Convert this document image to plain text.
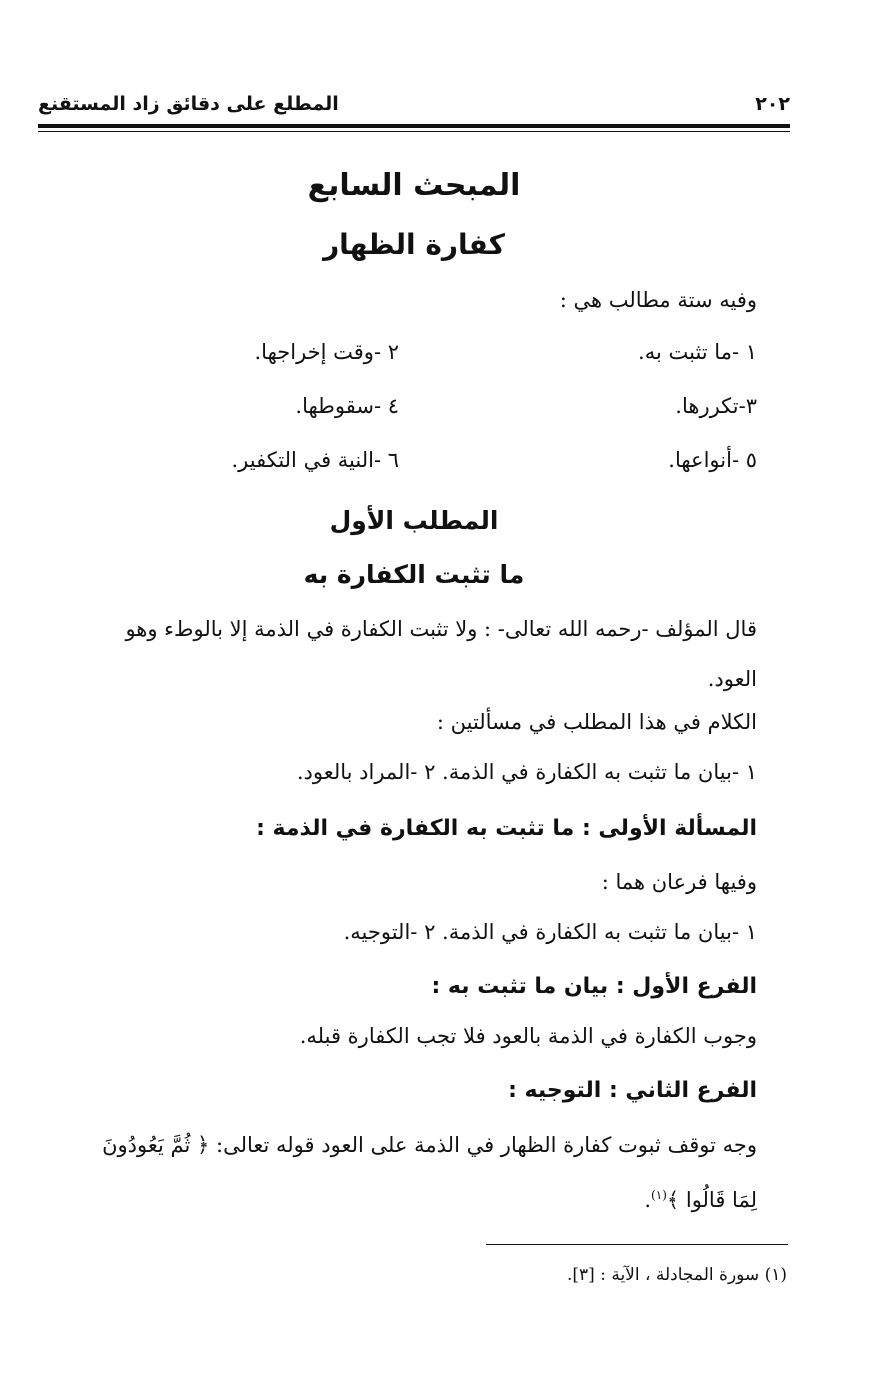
٢٠٢
المطلع على دقائق زاد المستقنع
المبحث السابع
كفارة الظهار
وفيه ستة مطالب هي :
١ -ما تثبت به.
٢ -وقت إخراجها.
٣-تكررها.
٤ -سقوطها.
٥ -أنواعها.
٦ -النية في التكفير.
المطلب الأول
ما تثبت الكفارة به
قال المؤلف -رحمه الله تعالى- : ولا تثبت الكفارة في الذمة إلا بالوطء وهو
العود.
الكلام في هذا المطلب في مسألتين :
١ -بيان ما تثبت به الكفارة في الذمة. ٢ -المراد بالعود.
المسألة الأولى : ما تثبت به الكفارة في الذمة :
وفيها فرعان هما :
١ -بيان ما تثبت به الكفارة في الذمة. ٢ -التوجيه.
الفرع الأول : بيان ما تثبت به :
وجوب الكفارة في الذمة بالعود فلا تجب الكفارة قبله.
الفرع الثاني : التوجيه :
وجه توقف ثبوت كفارة الظهار في الذمة على العود قوله تعالى: ﴿ ثُمَّ يَعُودُونَ
لِمَا قَالُوا ﴾$^{(١)}$.
(١) سورة المجادلة ، الآية : [٣].
